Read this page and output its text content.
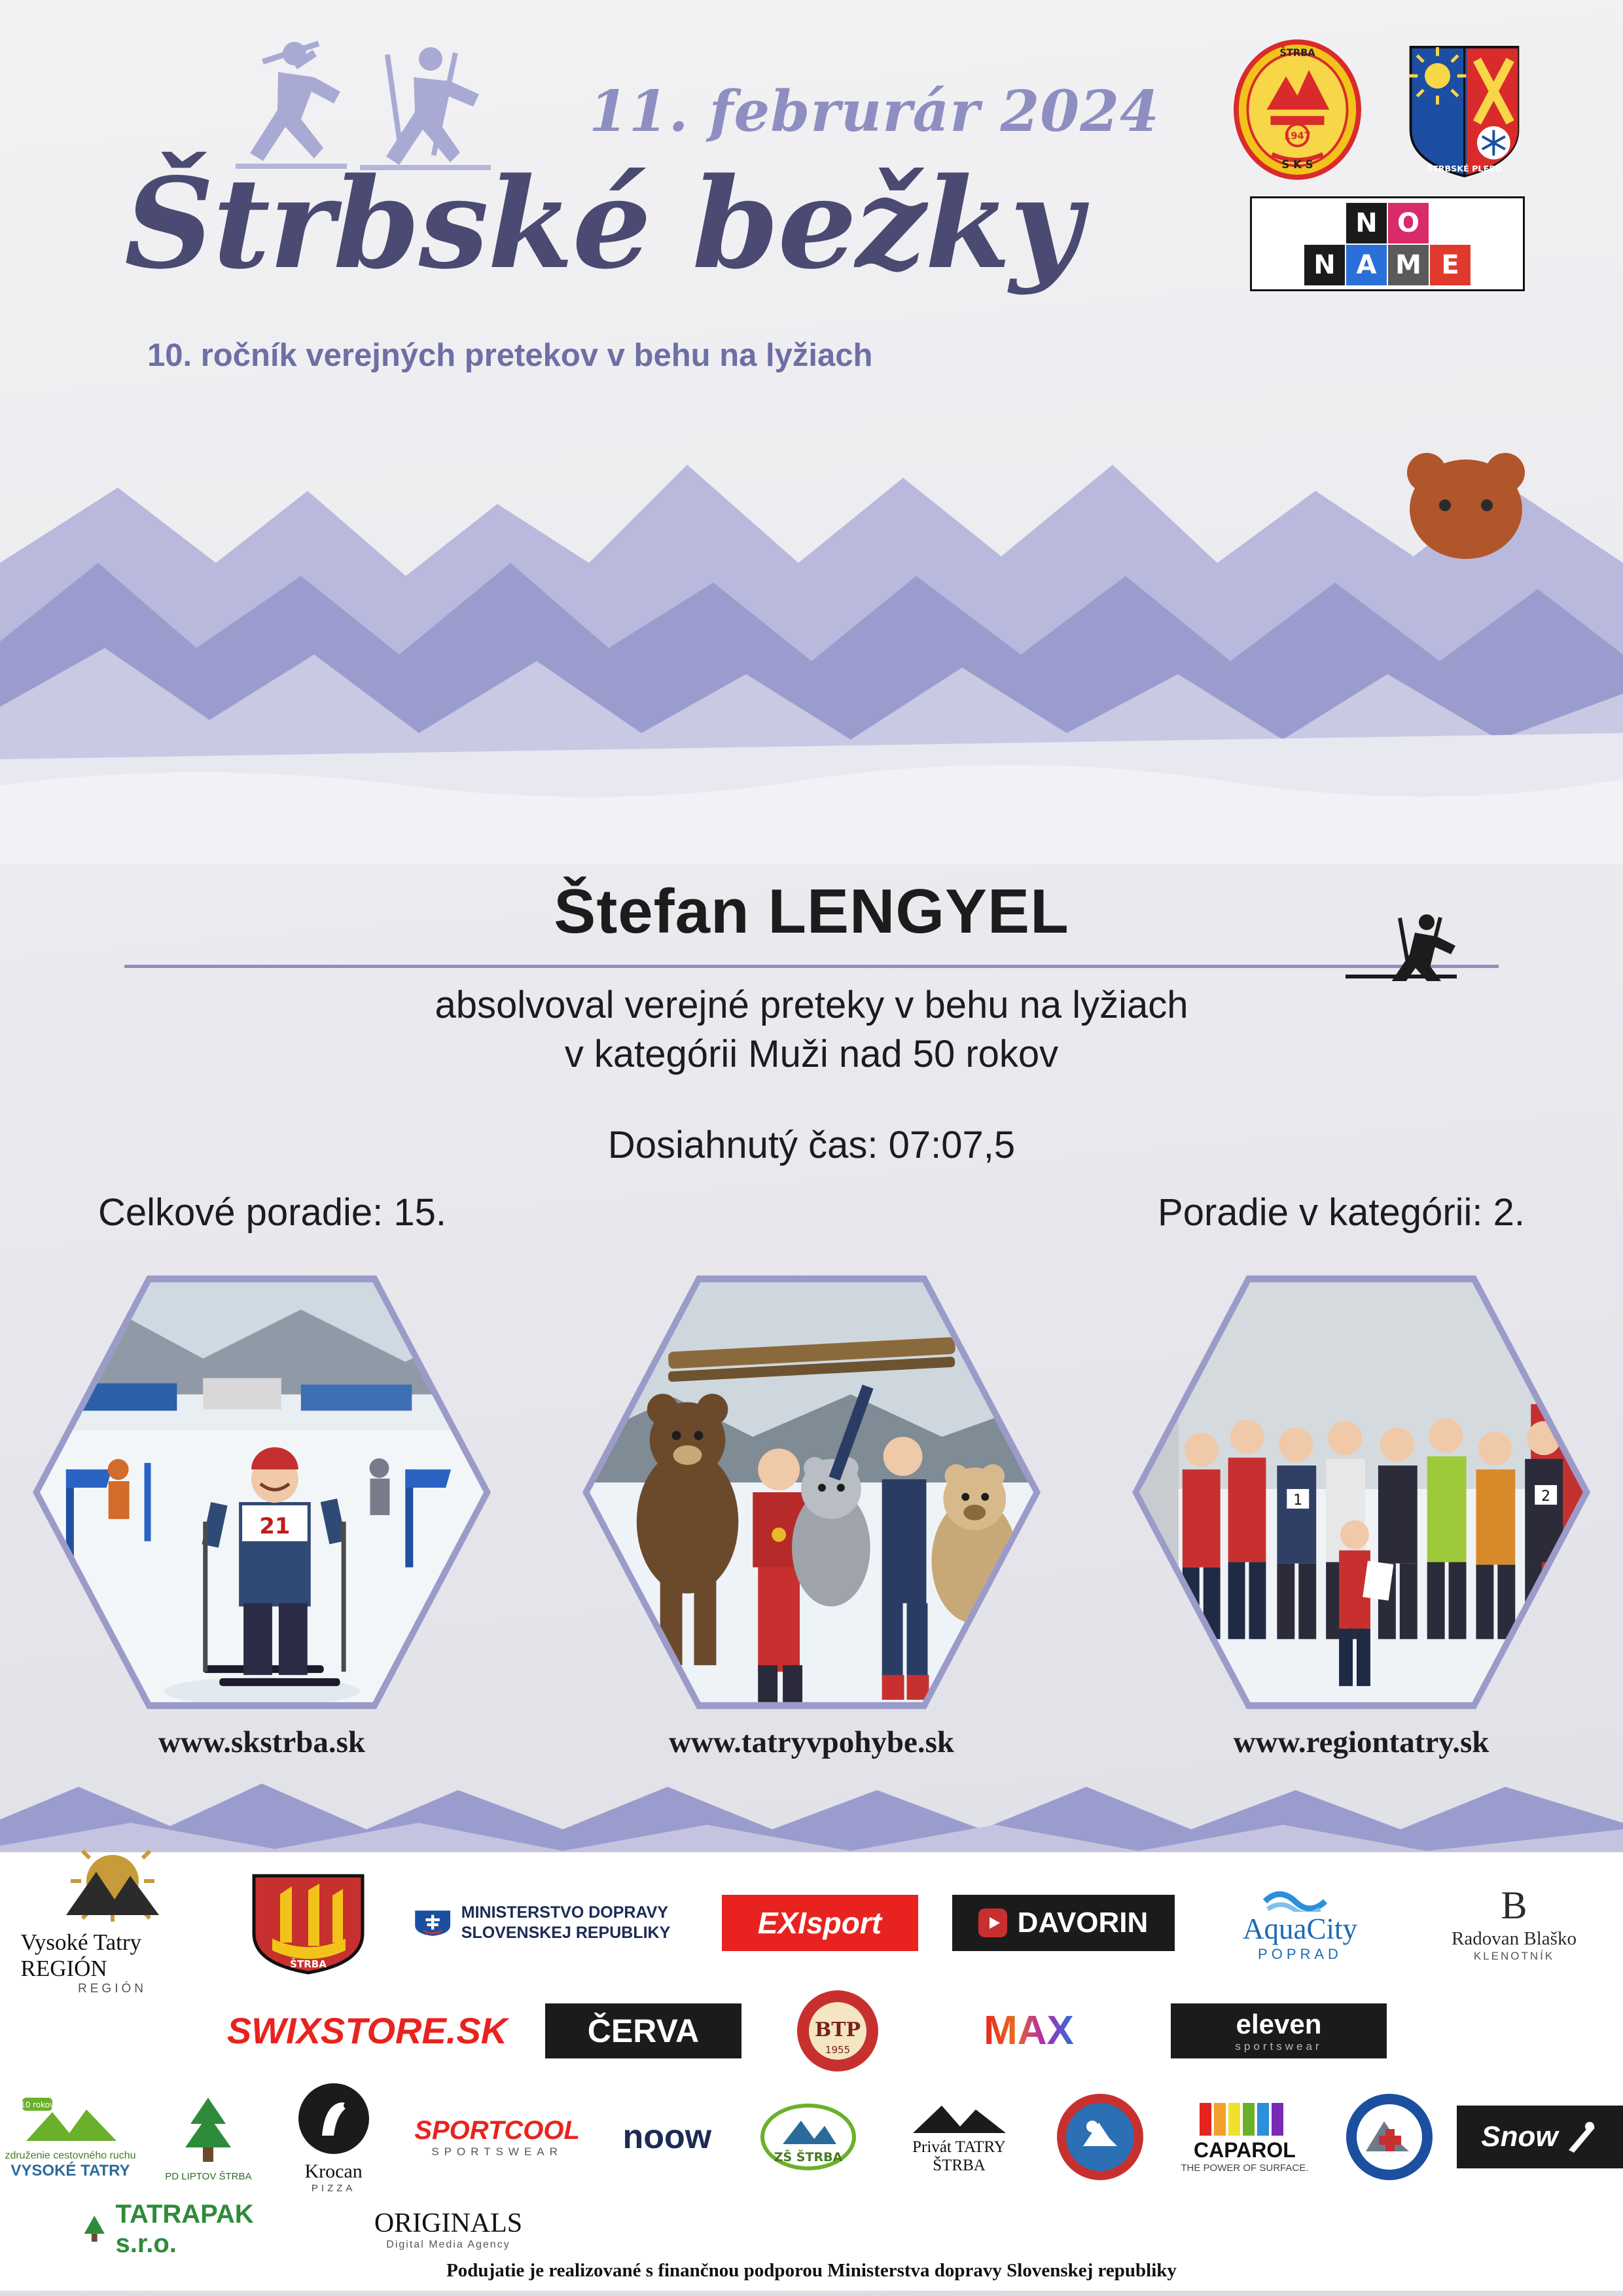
11. februrár 2024
Štrbské bežky
10. ročník verejných pretekov v behu na lyžiach
1947
S K S
ŠTRBA
ŠTRBSKÉ PLESO
N O
N A M E
Štefan LENGYEL
absolvoval verejné preteky v behu na lyžiach
v kategórii Muži nad 50 rokov
Dosiahnutý čas: 07:07,5
Celkové poradie: 15.	Poradie v kategórii: 2.
21
www.skstrba.sk	www.tatryvpohybe.sk
1	2
www.regiontatry.sk
Vysoké Tatry REGIÓN
REGIÓN
ŠTRBA
MINISTERSTVO DOPRAVY SLOVENSKEJ REPUBLIKY	EXIsport	DAVORIN	AquaCity
POPRAD
B
Radovan Blaško
KLENOTNÍK
SWIXSTORE.SK ČERVA	BTP
1955	MAX	eleven
sportswear
10 rokov
združenie cestovného ruchu
VYSOKÉ TATRY	PD LIPTOV ŠTRBA	Krocan
PIZZA
SPORTCOOL
SPORTSWEAR noow
ZŠ ŠTRBA
Privát TATRY ŠTRBA
CAPAROL
THE POWER OF SURFACE.
Snow
TATRAPAK s.r.o.
ORIGINALS
Digital Media Agency
Podujatie je realizované s finančnou podporou Ministerstva dopravy Slovenskej republiky
